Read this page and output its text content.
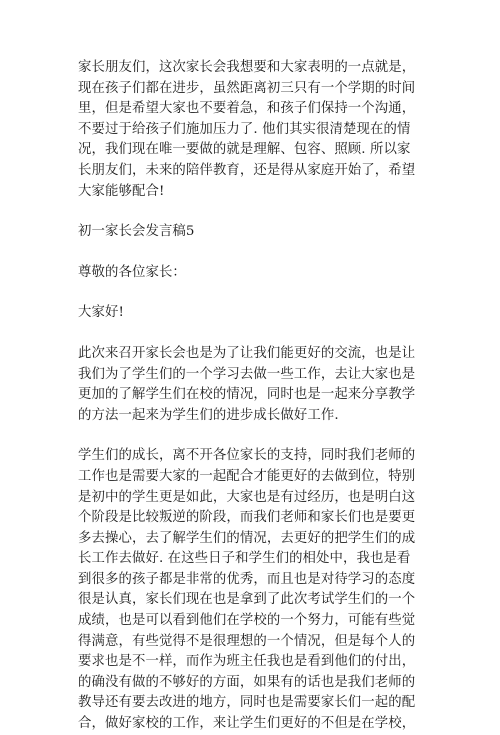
家长朋友们，这次家长会我想要和大家表明的一点就是，
现在孩子们都在进步，虽然距离初三只有一个学期的时间
里，但是希望大家也不要着急，和孩子们保持一个沟通，
不要过于给孩子们施加压力了. 他们其实很清楚现在的情
况，我们现在唯一要做的就是理解、包容、照顾. 所以家
长朋友们，未来的陪伴教育，还是得从家庭开始了，希望
大家能够配合!

初一家长会发言稿5

尊敬的各位家长：

大家好!

此次来召开家长会也是为了让我们能更好的交流，也是让
我们为了学生们的一个学习去做一些工作，去让大家也是
更加的了解学生们在校的情况，同时也是一起来分享教学
的方法一起来为学生们的进步成长做好工作.

学生们的成长，离不开各位家长的支持，同时我们老师的
工作也是需要大家的一起配合才能更好的去做到位，特别
是初中的学生更是如此，大家也是有过经历，也是明白这
个阶段是比较叛逆的阶段，而我们老师和家长们也是要更
多去操心，去了解学生们的情况，去更好的把学生们的成
长工作去做好. 在这些日子和学生们的相处中，我也是看
到很多的孩子都是非常的优秀，而且也是对待学习的态度
很是认真，家长们现在也是拿到了此次考试学生们的一个
成绩，也是可以看到他们在学校的一个努力，可能有些觉
得满意，有些觉得不是很理想的一个情况，但是每个人的
要求也是不一样，而作为班主任我也是看到他们的付出，
的确没有做的不够好的方面，如果有的话也是我们老师的
教导还有要去改进的地方，同时也是需要家长们一起的配
合，做好家校的工作，来让学生们更好的不但是在学校，
